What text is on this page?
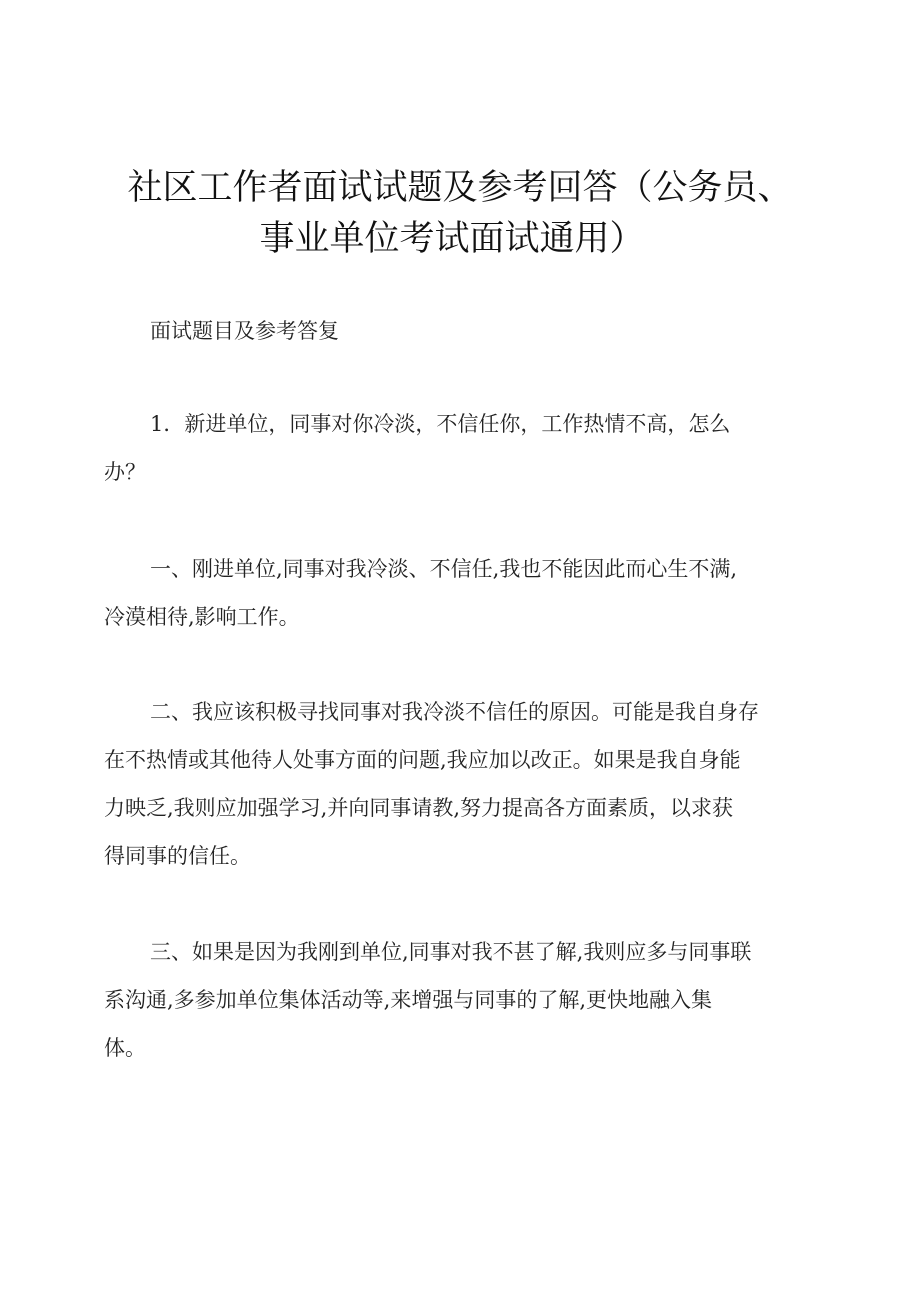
社区工作者面试试题及参考回答（公务员、
事业单位考试面试通用）
面试题目及参考答复
1．新进单位，同事对你冷淡，不信任你，工作热情不高，怎么
办？
一、刚进单位,同事对我冷淡、不信任,我也不能因此而心生不满,
冷漠相待,影响工作。
二、我应该积极寻找同事对我冷淡不信任的原因。可能是我自身存
在不热情或其他待人处事方面的问题,我应加以改正。如果是我自身能
力映乏,我则应加强学习,并向同事请教,努力提高各方面素质，以求获
得同事的信任。
三、如果是因为我刚到单位,同事对我不甚了解,我则应多与同事联
系沟通,多参加单位集体活动等,来增强与同事的了解,更快地融入集
体。
